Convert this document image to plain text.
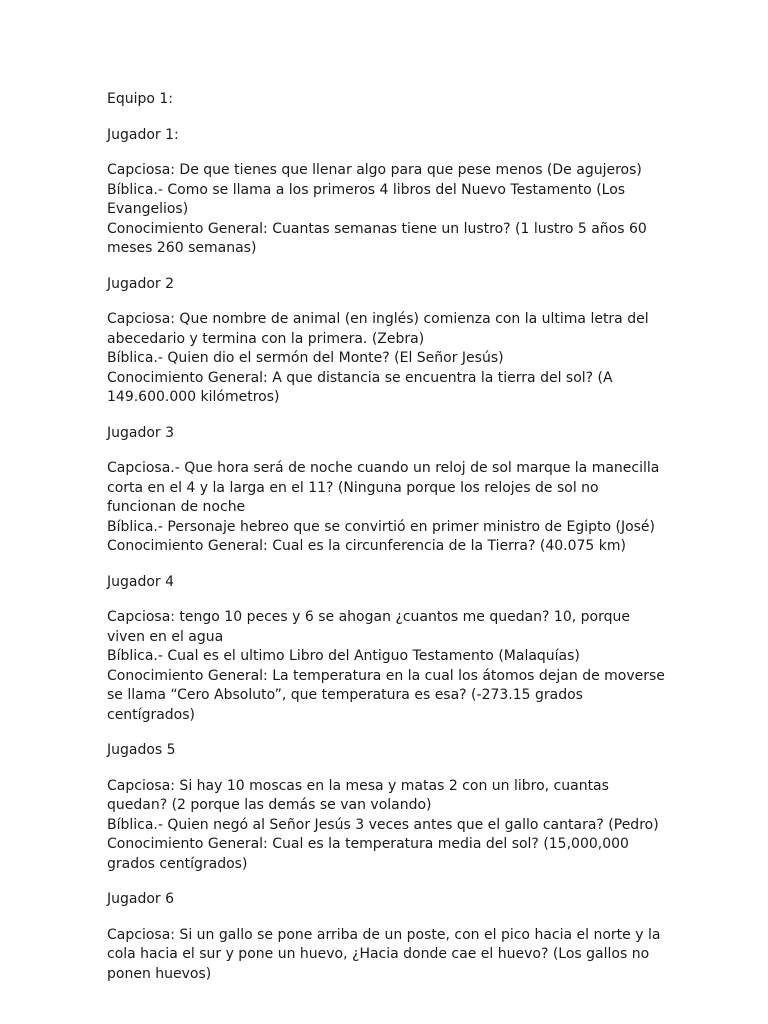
Equipo 1:

Jugador 1:

Capciosa: De que tienes que llenar algo para que pese menos (De agujeros)

Bíblica.- Como se llama a los primeros 4 libros del Nuevo Testamento (Los Evangelios)

Conocimiento General: Cuantas semanas tiene un lustro? (1 lustro 5 años 60 meses 260 semanas)

Jugador 2

Capciosa: Que nombre de animal (en inglés) comienza con la ultima letra del abecedario y termina con la primera. (Zebra)

Bíblica.- Quien dio el sermón del Monte? (El Señor Jesús)

Conocimiento General: A que distancia se encuentra la tierra del sol? (A 149.600.000 kilómetros)

Jugador 3

Capciosa.- Que hora será de noche cuando un reloj de sol marque la manecilla corta en el 4 y la larga en el 11? (Ninguna porque los relojes de sol no funcionan de noche

Bíblica.- Personaje hebreo que se convirtió en primer ministro de Egipto (José)

Conocimiento General: Cual es la circunferencia de la Tierra? (40.075 km)

Jugador 4

Capciosa: tengo 10 peces y 6 se ahogan ¿cuantos me quedan? 10, porque viven en el agua

Bíblica.- Cual es el ultimo Libro del Antiguo Testamento (Malaquías)

Conocimiento General: La temperatura en la cual los átomos dejan de moverse se llama “Cero Absoluto”, que temperatura es esa? (-273.15 grados centígrados)

Jugados 5

Capciosa: Si hay 10 moscas en la mesa y matas 2 con un libro, cuantas quedan? (2 porque las demás se van volando)

Bíblica.- Quien negó al Señor Jesús 3 veces antes que el gallo cantara? (Pedro)

Conocimiento General: Cual es la temperatura media del sol? (15,000,000 grados centígrados)

Jugador 6

Capciosa: Si un gallo se pone arriba de un poste, con el pico hacia el norte y la cola hacia el sur y pone un huevo, ¿Hacia donde cae el huevo? (Los gallos no ponen huevos)
